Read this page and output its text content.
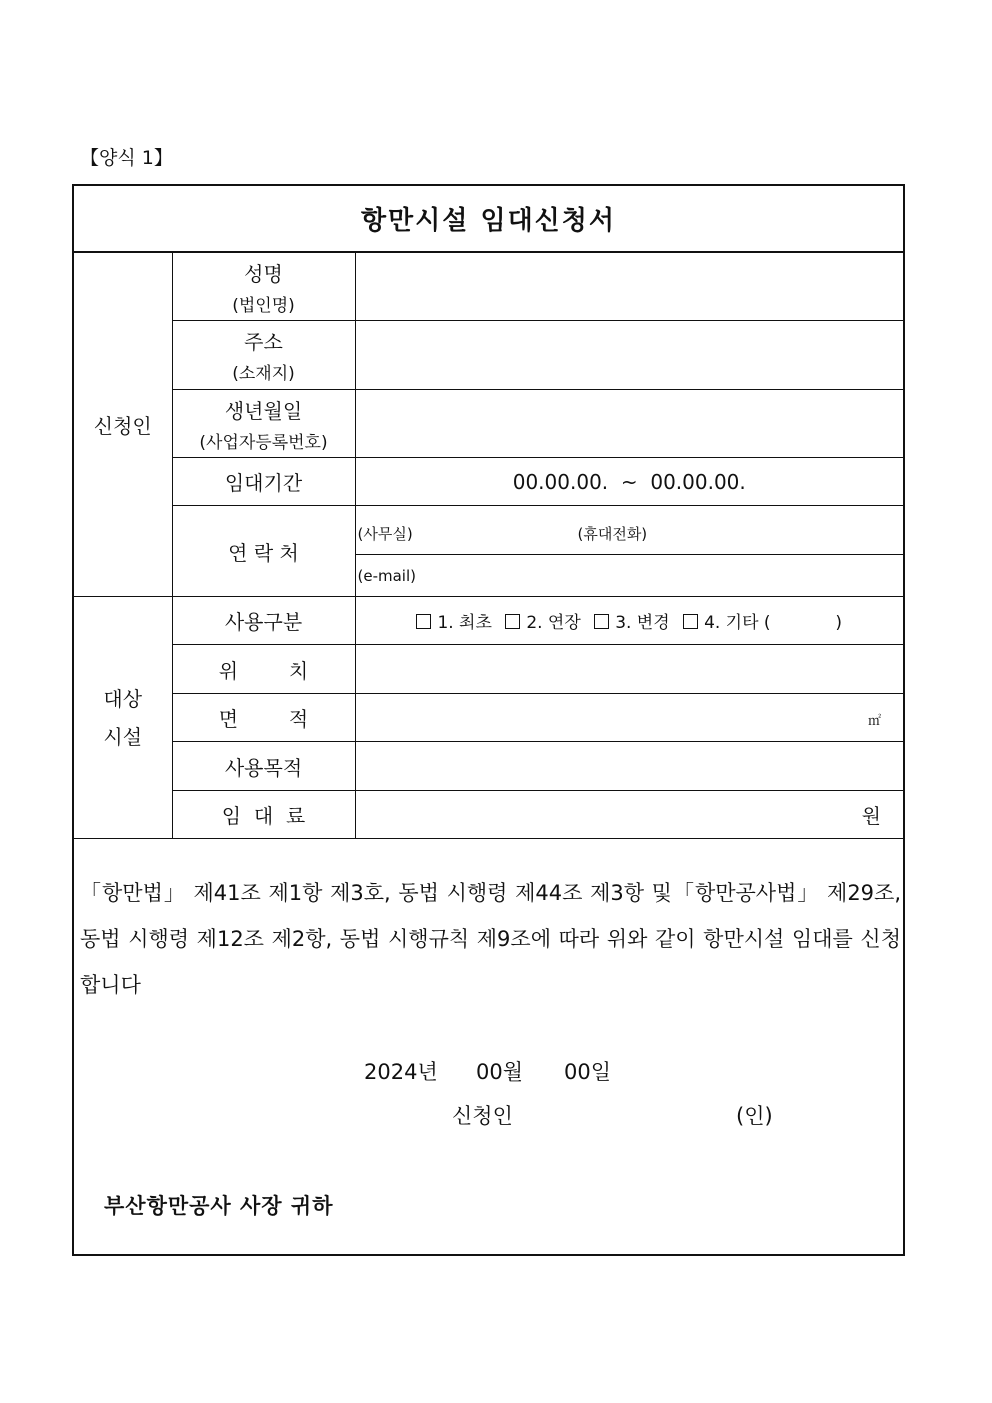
【양식 1】
항만시설 임대신청서
신청인	성명
(법인명)	

	주소
(소재지)	

	생년월일
(사업자등록번호)	

	임대기간	00.00.00.  ~  00.00.00.
	연 락 처	(사무실) (휴대전화)
(e-mail)

대상
시설	사용구분	1. 최초 2. 연장 3. 변경 4. 기타 (            )
	위        치	
	면        적	㎡
	사용목적	
	임  대  료	원
「항만법」 제41조 제1항 제3호, 동법 시행령 제44조 제3항 및「항만공사법」 제29조, 동법 시행령 제12조 제2항, 동법 시행규칙 제9조에 따라 위와 같이 항만시설 임대를 신청합니다
2024년 00월 00일
신청인	(인)
부산항만공사 사장 귀하
